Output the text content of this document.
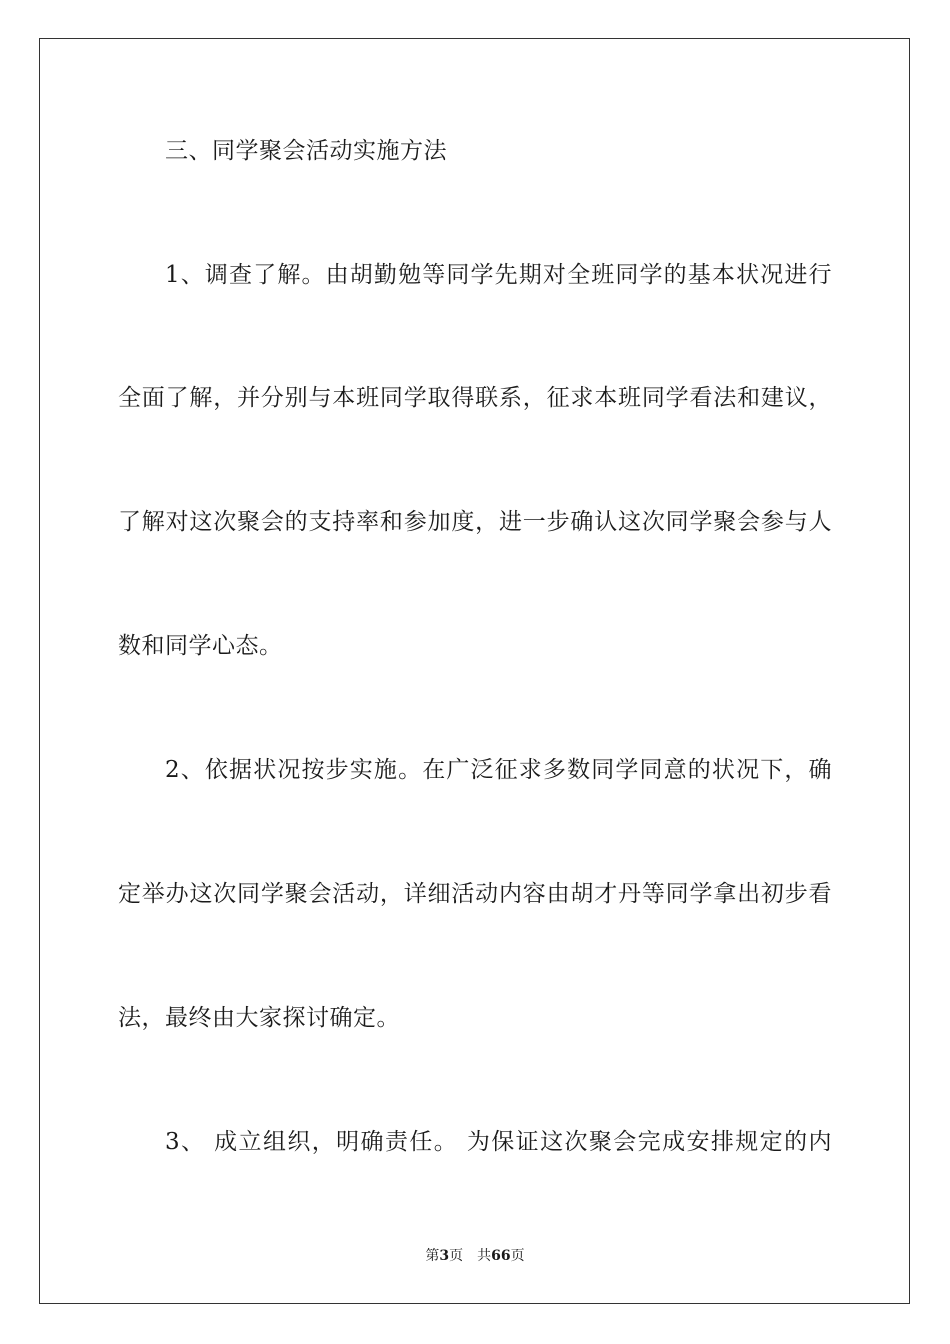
三、同学聚会活动实施方法
1、调查了解。由胡勤勉等同学先期对全班同学的基本状况进行
全面了解，并分别与本班同学取得联系，征求本班同学看法和建议，
了解对这次聚会的支持率和参加度，进一步确认这次同学聚会参与人
数和同学心态。
2、依据状况按步实施。在广泛征求多数同学同意的状况下，确
定举办这次同学聚会活动，详细活动内容由胡才丹等同学拿出初步看
法，最终由大家探讨确定。
3、 成立组织，明确责任。 为保证这次聚会完成安排规定的内
第3页 共66页
